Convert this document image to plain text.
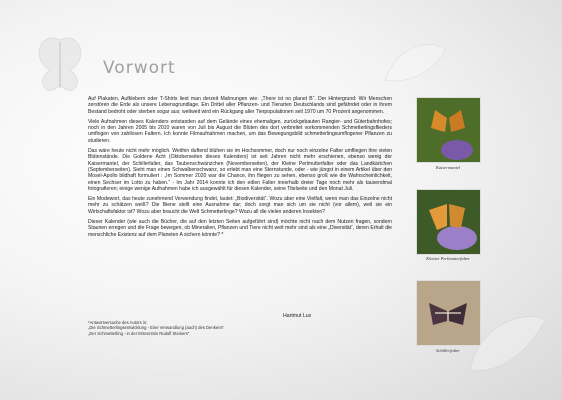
Vorwort

Auf Plakaten, Aufklebern oder T-Shirts liest man derzeit Mahnungen wie: „There ist no planet B“. Der Hintergrund: Wir Menschen zerstören die Erde als unsere Lebensgrundlage. Ein Drittel aller Pflanzen- und Tierarten Deutschlands sind gefährdet oder in ihrem Bestand bedroht oder sterben sogar aus; weltweit wird ein Rückgang aller Tierpopulationen seit 1970 um 70 Prozent angenommen.

Viele Aufnahmen dieses Kalenders entstanden auf dem Gelände eines ehemaligen, zurückgebauten Rangier- und Güterbahnhofes; noch in den Jahren 2005 bis 2010 waren von Juli bis August die Blüten des dort verbreitet vorkommenden Schmetterlingsflieders umflogen von zahllosen Faltern. Ich konnte Filmaufnahmen machen, um das Bewegungsbild schmetterlingsumflogener Pflanzen zu studieren.

Das wäre heute nicht mehr möglich. Weithin duftend blühen sie im Hochsommer, doch nur noch einzelne Falter umfliegen ihre vielen Blütenstände. Die Goldene Acht (Oktoberseiten dieses Kalenders) ist seit Jahren nicht mehr erschienen, ebenso wenig der Kaisermantel, der Schillerfalter, das Taubenschwänzchen (Novemberseiten), der Kleine Perlmutterfalter oder das Landkärtchen (Septemberseiten). Sieht man einen Schwalbenschwanz, so erlebt man eine Sternstunde, oder - wie jüngst in einem Artikel über den Mosel-Apollo bildhaft formuliert : „Im Sommer 2020 war die Chance, ihn fliegen zu sehen, ebenso groß wie die Wahrscheinlichkeit, einen Sechser im Lotto zu haben.“ - Im Jahr 2014 konnte ich den edlen Falter innerhalb dreier Tage noch mehr als tausendmal fotografieren; einige wenige Aufnahmen habe ich ausgewählt für diesen Kalender, seine Titelseite und den Monat Juli.

Ein Modewort, das heute zunehmend Verwendung findet, lautet: „Biodiversität“. Wozu aber eine Vielfalt, wenn man das Einzelne nicht mehr zu schätzen weiß? Die Biene stellt eine Ausnahme dar; doch sorgt man sich um sie nicht (vor allem), weil sie ein Wirtschaftsfaktor ist? Wozu aber braucht die Welt Schmetterlinge? Wozu all die vielen anderen Insekten?

Dieser Kalender (wie auch die Bücher, die auf den letzten Seiten aufgeführt sind) möchte nicht nach dem Nutzen fragen, sondern Staunen erregen und die Frage bewegen, ob Mineralien, Pflanzen und Tiere nicht weit mehr sind als eine „Diversität“, deren Erhalt die menschliche Existenz auf dem Planeten A sichern könnte? *

Hartmut Lux
*Antwortversuche des Autors in:
„Die Schmetterlingsentwicklung - Eine Verwandlung (auch) des Denkens“
„Der Schmetterling - in der Erkenntnis Rudolf Steiners“
Kaisermantel
Kleiner Perlmutterfalter
Schillerfalter
